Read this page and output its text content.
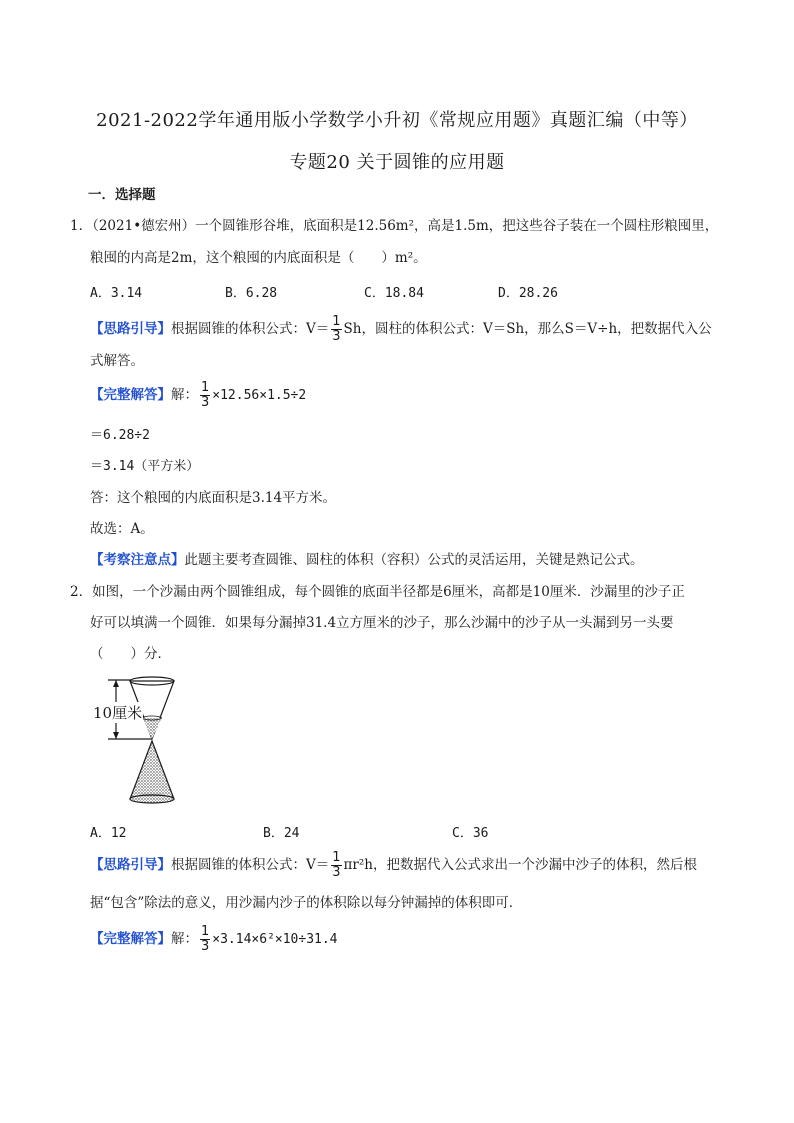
2021-2022学年通用版小学数学小升初《常规应用题》真题汇编（中等）
专题20 关于圆锥的应用题
一．选择题
1．（2021•德宏州）一个圆锥形谷堆，底面积是12.56m²，高是1.5m，把这些谷子装在一个圆柱形粮囤里，
粮囤的内高是2m，这个粮囤的内底面积是（　　）m²。
A．3.14	B．6.28	C．18.84	D．28.26
【思路引导】根据圆锥的体积公式：$V= \frac{1}{3}$ Sh，圆柱的体积公式：V＝Sh，那么S＝V÷h，把数据代入公
式解答。
【完整解答】解： $\frac{1}{3} \times 12.56\times 1.5\div 2$
＝6.28÷2
＝3.14（平方米）
答：这个粮囤的内底面积是3.14平方米。
故选：A。
【考察注意点】此题主要考查圆锥、圆柱的体积（容积）公式的灵活运用，关键是熟记公式。
2．如图，一个沙漏由两个圆锥组成，每个圆锥的底面半径都是6厘米，高都是10厘米．沙漏里的沙子正
好可以填满一个圆锥．如果每分漏掉31.4立方厘米的沙子，那么沙漏中的沙子从一头漏到另一头要
（　　）分．
10厘米
A．12	B．24	C．36
【思路引导】根据圆锥的体积公式：$V= \frac{1}{3} \pi r^2h$，把数据代入公式求出一个沙漏中沙子的体积，然后根
据“包含”除法的意义，用沙漏内沙子的体积除以每分钟漏掉的体积即可．
【完整解答】解： $\frac{1}{3} \times 3.14\times 6^2\times 10\div 31.4$
